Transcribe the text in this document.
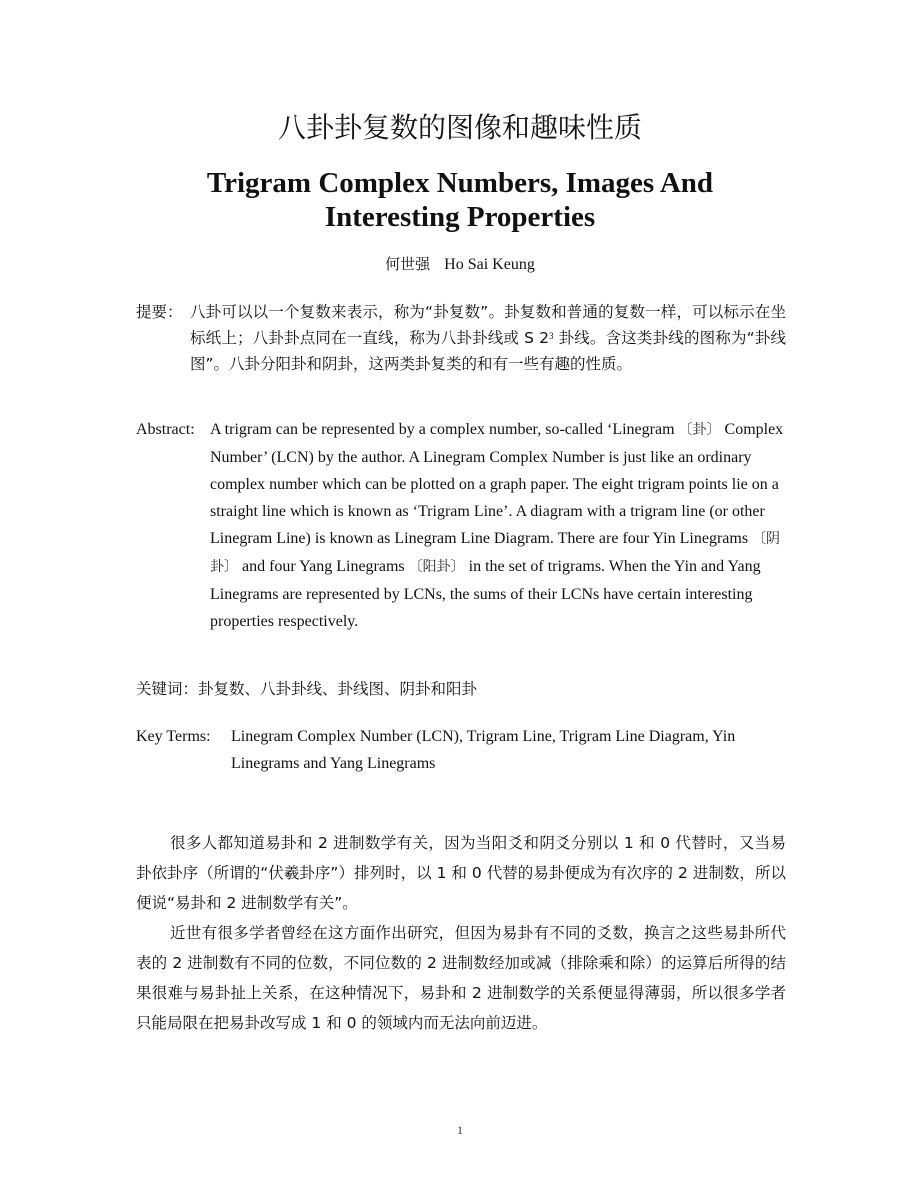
八卦卦复数的图像和趣味性质
Trigram Complex Numbers, Images And
Interesting Properties
何世强 Ho Sai Keung
提要： 八卦可以以一个复数来表示，称为“卦复数”。卦复数和普通的复数一样，可以标示在坐标纸上；八卦卦点同在一直线，称为八卦卦线或 S $2^3$ 卦线。含这类卦线的图称为“卦线图”。八卦分阳卦和阴卦，这两类卦复类的和有一些有趣的性质。
Abstract: A trigram can be represented by a complex number, so-called ‘Linegram 〔卦〕 Complex Number’ (LCN) by the author. A Linegram Complex Number is just like an ordinary complex number which can be plotted on a graph paper. The eight trigram points lie on a straight line which is known as ‘Trigram Line’. A diagram with a trigram line (or other Linegram Line) is known as Linegram Line Diagram. There are four Yin Linegrams 〔阴卦〕 and four Yang Linegrams 〔阳卦〕 in the set of trigrams. When the Yin and Yang Linegrams are represented by LCNs, the sums of their LCNs have certain interesting properties respectively.
关键词：卦复数、八卦卦线、卦线图、阴卦和阳卦
Key Terms:	Linegram Complex Number (LCN), Trigram Line, Trigram Line Diagram, Yin Linegrams and Yang Linegrams
很多人都知道易卦和 2 进制数学有关，因为当阳爻和阴爻分别以 1 和 0 代替时，又当易卦依卦序（所谓的“伏羲卦序”）排列时，以 1 和 0 代替的易卦便成为有次序的 2 进制数，所以便说“易卦和 2 进制数学有关”。
近世有很多学者曾经在这方面作出研究，但因为易卦有不同的爻数，换言之这些易卦所代表的 2 进制数有不同的位数，不同位数的 2 进制数经加或减（排除乘和除）的运算后所得的结果很难与易卦扯上关系，在这种情况下，易卦和 2 进制数学的关系便显得薄弱，所以很多学者只能局限在把易卦改写成 1 和 0 的领域内而无法向前迈进。
1
